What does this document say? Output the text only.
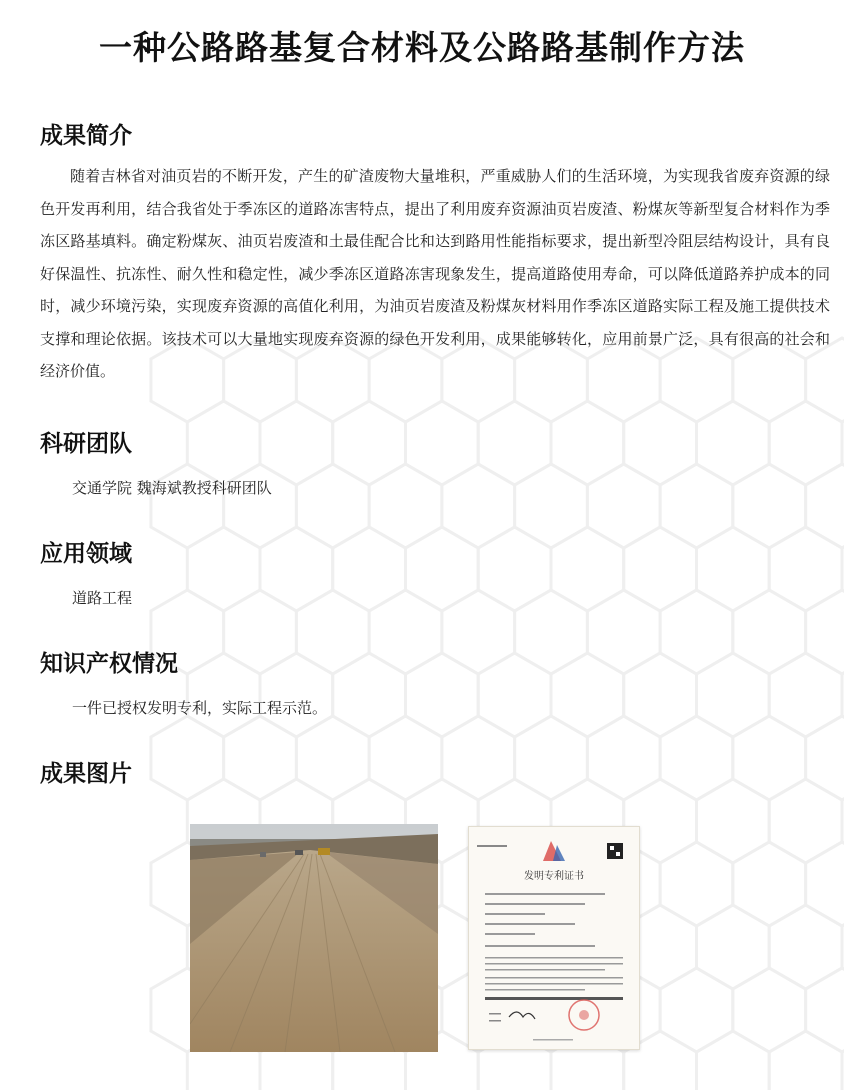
一种公路路基复合材料及公路路基制作方法
成果简介
随着吉林省对油页岩的不断开发，产生的矿渣废物大量堆积，严重威胁人们的生活环境，为实现我省废弃资源的绿色开发再利用，结合我省处于季冻区的道路冻害特点，提出了利用废弃资源油页岩废渣、粉煤灰等新型复合材料作为季冻区路基填料。确定粉煤灰、油页岩废渣和土最佳配合比和达到路用性能指标要求，提出新型冷阻层结构设计，具有良好保温性、抗冻性、耐久性和稳定性，减少季冻区道路冻害现象发生，提高道路使用寿命，可以降低道路养护成本的同时，减少环境污染，实现废弃资源的高值化利用，为油页岩废渣及粉煤灰材料用作季冻区道路实际工程及施工提供技术支撑和理论依据。该技术可以大量地实现废弃资源的绿色开发利用，成果能够转化，应用前景广泛，具有很高的社会和经济价值。
科研团队
交通学院 魏海斌教授科研团队
应用领域
道路工程
知识产权情况
一件已授权发明专利，实际工程示范。
成果图片
发明专利证书
